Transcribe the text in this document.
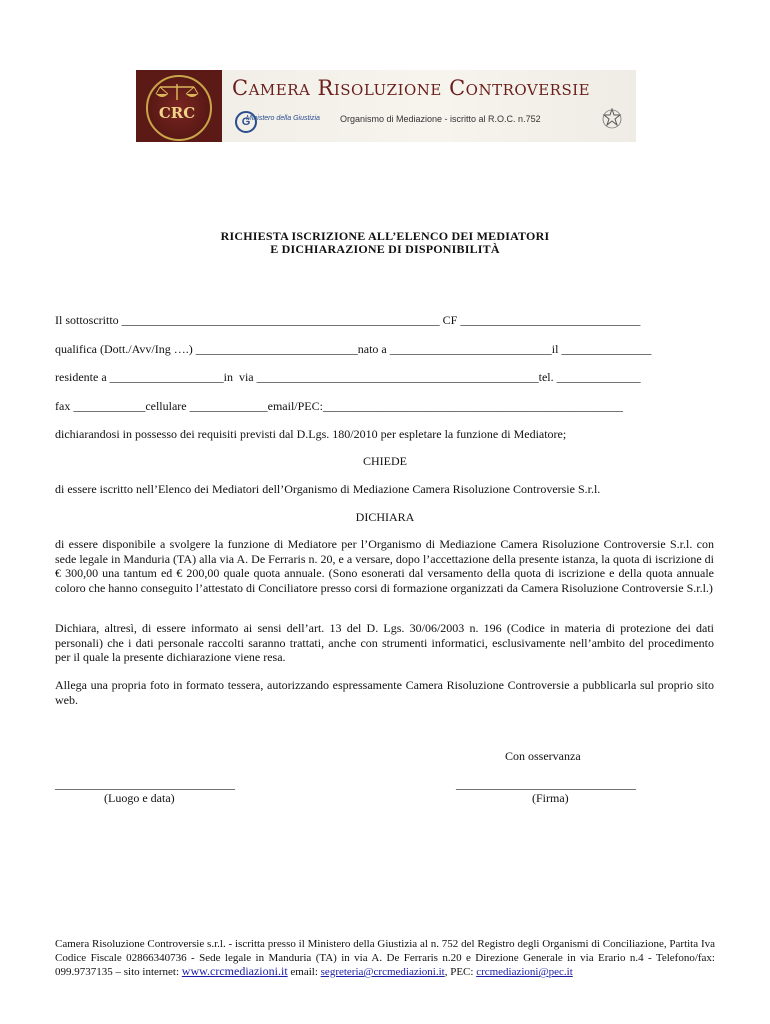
CRC
CAMERA RISOLUZIONE CONTROVERSIE
G
Ministero della Giustizia Organismo di Mediazione - iscritto al R.O.C. n.752
RICHIESTA ISCRIZIONE ALL’ELENCO DEI MEDIATORI
E DICHIARAZIONE DI DISPONIBILITÀ
Il sottoscritto _____________________________________________________ CF ______________________________
qualifica (Dott./Avv/Ing ….) ___________________________nato a ___________________________il _______________
residente a ___________________in  via _______________________________________________tel. ______________
fax ____________cellulare _____________email/PEC:__________________________________________________
dichiarandosi in possesso dei requisiti previsti dal D.Lgs. 180/2010 per espletare la funzione di Mediatore;
CHIEDE
di essere iscritto nell’Elenco dei Mediatori dell’Organismo di Mediazione Camera Risoluzione Controversie S.r.l.
DICHIARA
di essere disponibile a svolgere la funzione di Mediatore per l’Organismo di Mediazione Camera Risoluzione Controversie S.r.l. con sede legale in Manduria (TA) alla via A. De Ferraris n. 20, e a versare, dopo l’accettazione della presente istanza, la quota di iscrizione di € 300,00 una tantum ed € 200,00 quale quota annuale. (Sono esonerati dal versamento della quota di iscrizione e della quota annuale coloro che hanno conseguito l’attestato di Conciliatore presso corsi di formazione organizzati da Camera Risoluzione Controversie S.r.l.)
Dichiara, altresì, di essere informato ai sensi dell’art. 13 del D. Lgs. 30/06/2003 n. 196 (Codice in materia di protezione dei dati personali) che i dati personale raccolti saranno trattati, anche con strumenti informatici, esclusivamente nell’ambito del procedimento per il quale la presente dichiarazione viene resa.
Allega una propria foto in formato tessera, autorizzando espressamente Camera Risoluzione Controversie a pubblicarla sul proprio sito web.
Con osservanza
______________________________
(Luogo e data)
______________________________
(Firma)
Camera Risoluzione Controversie s.r.l. - iscritta presso il Ministero della Giustizia al n. 752 del Registro degli Organismi di Conciliazione, Partita Iva Codice Fiscale 02866340736 - Sede legale in Manduria (TA) in via A. De Ferraris n.20 e Direzione Generale in via Erario n.4 - Telefono/fax: 099.9737135 – sito internet: www.crcmediazioni.it email: segreteria@crcmediazioni.it, PEC: crcmediazioni@pec.it
